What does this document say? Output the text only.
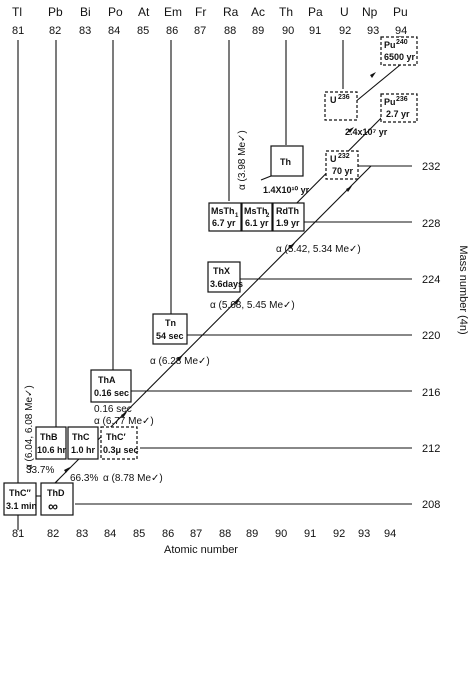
Tl Pb Bi Po At Em Fr Ra Ac Th Pa U Np Pu
81 82 83 84 85 86 87 88 89 90 91 92 93 94
232
228
224
220
216
212
208
Mass number (4n)
Pu 240
6500 yr
U 236
2.4x10⁷ yr
Pu 236
2.7 yr
U 232
70 yr
Th
1.4X10¹⁰ yr
MsTh 1
6.7 yr
MsTh
2
6.1 yr
RdTh
1.9 yr
ThX
3.6days
Tn
54 sec
ThA
0.16 sec
ThB
10.6 hr
ThC
1.0 hr
ThC′
0.3μ sec
ThC″
3.1 min
ThD
∞
α (3.98 Me✓)
α (5.42, 5.34 Me✓)
α (5.68, 5.45 Me✓)
α (6.28 Me✓)
0.16 sec
α (6.77 Me✓)
α (6.04, 6.08 Me✓)
α (8.78 Me✓)
33.7%
66.3%
81 82 83 84 85 86 87 88 89 90 91 92 93 94
Atomic number
